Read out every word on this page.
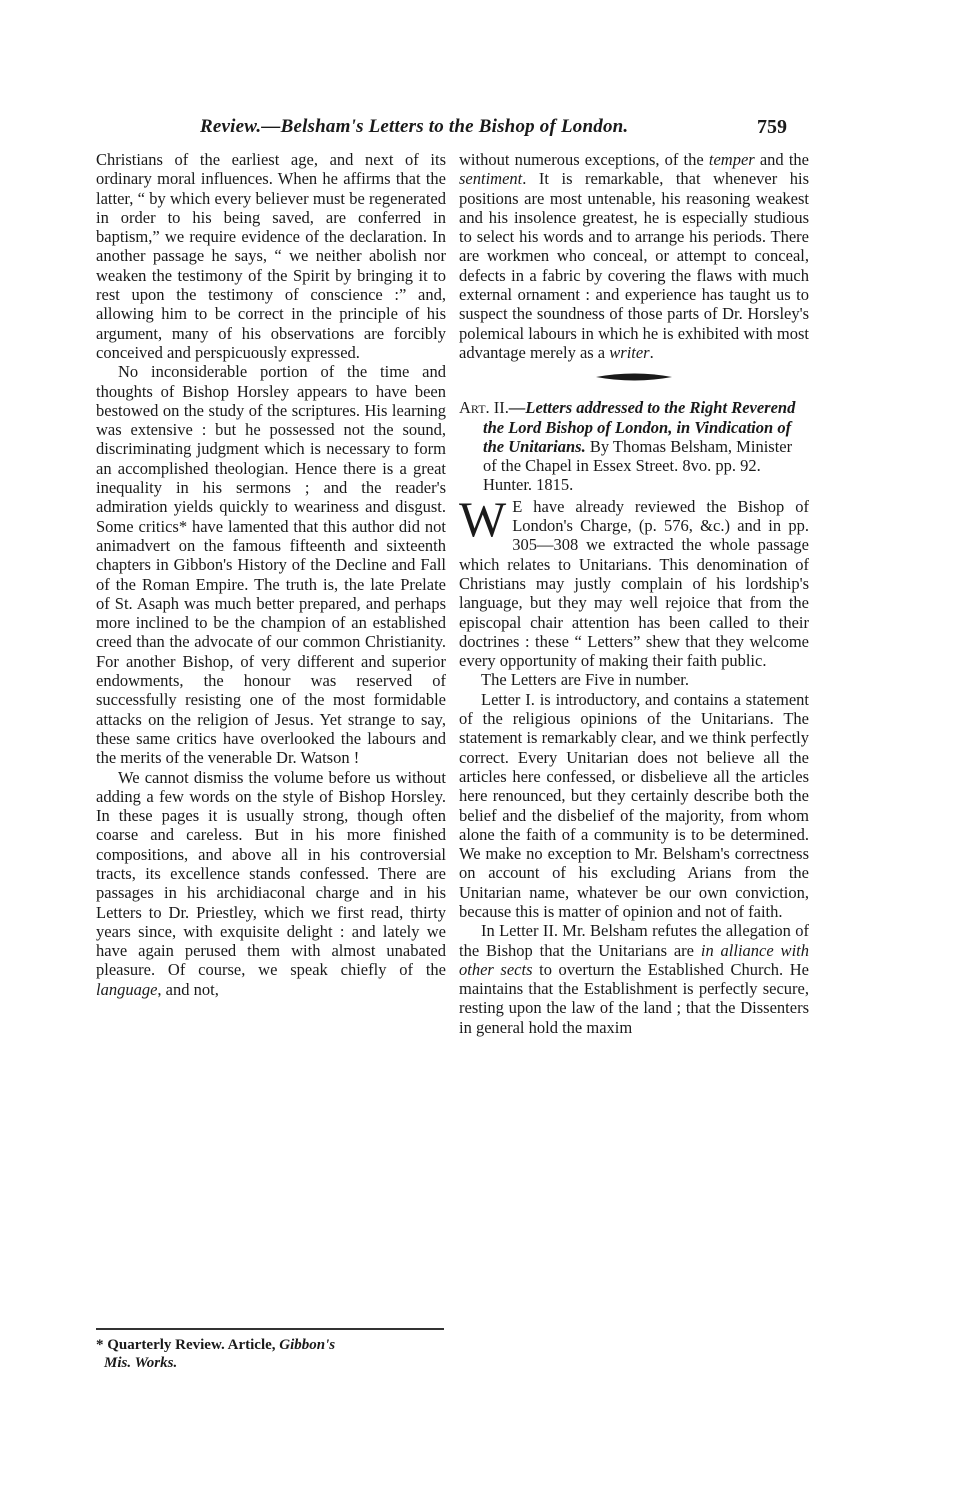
Review.—Belsham's Letters to the Bishop of London.	759

Christians of the earliest age, and next of its ordinary moral influences. When he affirms that the latter, “ by which every believer must be regenerated in order to his being saved, are conferred in baptism,” we require evidence of the declaration. In another passage he says, “ we neither abolish nor weaken the testimony of the Spirit by bringing it to rest upon the testimony of conscience :” and, allowing him to be correct in the principle of his argument, many of his observations are forcibly conceived and perspicuously expressed.

No inconsiderable portion of the time and thoughts of Bishop Horsley appears to have been bestowed on the study of the scriptures. His learning was extensive : but he possessed not the sound, discriminating judgment which is necessary to form an accomplished theologian. Hence there is a great inequality in his sermons ; and the reader's admiration yields quickly to weariness and disgust. Some critics* have lamented that this author did not animadvert on the famous fifteenth and sixteenth chapters in Gibbon's History of the Decline and Fall of the Roman Empire. The truth is, the late Prelate of St. Asaph was much better prepared, and perhaps more inclined to be the champion of an established creed than the advocate of our common Christianity. For another Bishop, of very different and superior endowments, the honour was reserved of successfully resisting one of the most formidable attacks on the religion of Jesus. Yet strange to say, these same critics have overlooked the labours and the merits of the venerable Dr. Watson !

We cannot dismiss the volume before us without adding a few words on the style of Bishop Horsley. In these pages it is usually strong, though often coarse and careless. But in his more finished compositions, and above all in his controversial tracts, its excellence stands confessed. There are passages in his archidiaconal charge and in his Letters to Dr. Priestley, which we first read, thirty years since, with exquisite delight : and lately we have again perused them with almost unabated pleasure. Of course, we speak chiefly of the language, and not,

* Quarterly Review. Article, Gibbon's
Mis. Works.

without numerous exceptions, of the temper and the sentiment. It is remarkable, that whenever his positions are most untenable, his reasoning weakest and his insolence greatest, he is especially studious to select his words and to arrange his periods. There are workmen who conceal, or attempt to conceal, defects in a fabric by covering the flaws with much external ornament : and experience has taught us to suspect the soundness of those parts of Dr. Horsley's polemical labours in which he is exhibited with most advantage merely as a writer.

Art. II.—Letters addressed to the Right Reverend the Lord Bishop of London, in Vindication of the Unitarians. By Thomas Belsham, Minister of the Chapel in Essex Street. 8vo. pp. 92. Hunter. 1815.

W E have already reviewed the Bishop of London's Charge, (p. 576, &c.) and in pp. 305—308 we extracted the whole passage which relates to Unitarians. This denomination of Christians may justly complain of his lordship's language, but they may well rejoice that from the episcopal chair attention has been called to their doctrines : these “ Letters” shew that they welcome every opportunity of making their faith public.

The Letters are Five in number.

Letter I. is introductory, and contains a statement of the religious opinions of the Unitarians. The statement is remarkably clear, and we think perfectly correct. Every Unitarian does not believe all the articles here confessed, or disbelieve all the articles here renounced, but they certainly describe both the belief and the disbelief of the majority, from whom alone the faith of a community is to be determined. We make no exception to Mr. Belsham's correctness on account of his excluding Arians from the Unitarian name, whatever be our own conviction, because this is matter of opinion and not of faith.

In Letter II. Mr. Belsham refutes the allegation of the Bishop that the Unitarians are in alliance with other sects to overturn the Established Church. He maintains that the Establishment is perfectly secure, resting upon the law of the land ; that the Dissenters in general hold the maxim
